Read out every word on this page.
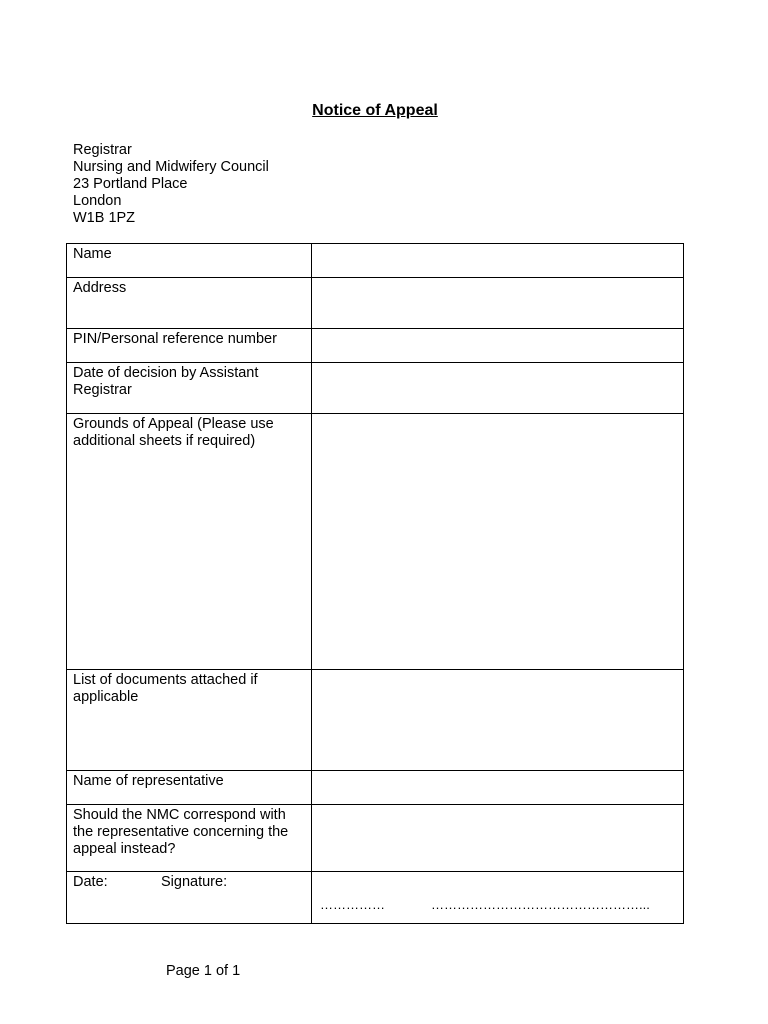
Notice of Appeal
Registrar
Nursing and Midwifery Council
23 Portland Place
London
W1B 1PZ
Name	
Address	
PIN/Personal reference number	
Date of decision by Assistant Registrar	
Grounds of Appeal (Please use additional sheets if required)	
List of documents attached if applicable	
Name of representative	
Should the NMC correspond with the representative concerning the appeal instead?	
Date: Signature:	…………… …………………………………………...
Page 1 of 1
